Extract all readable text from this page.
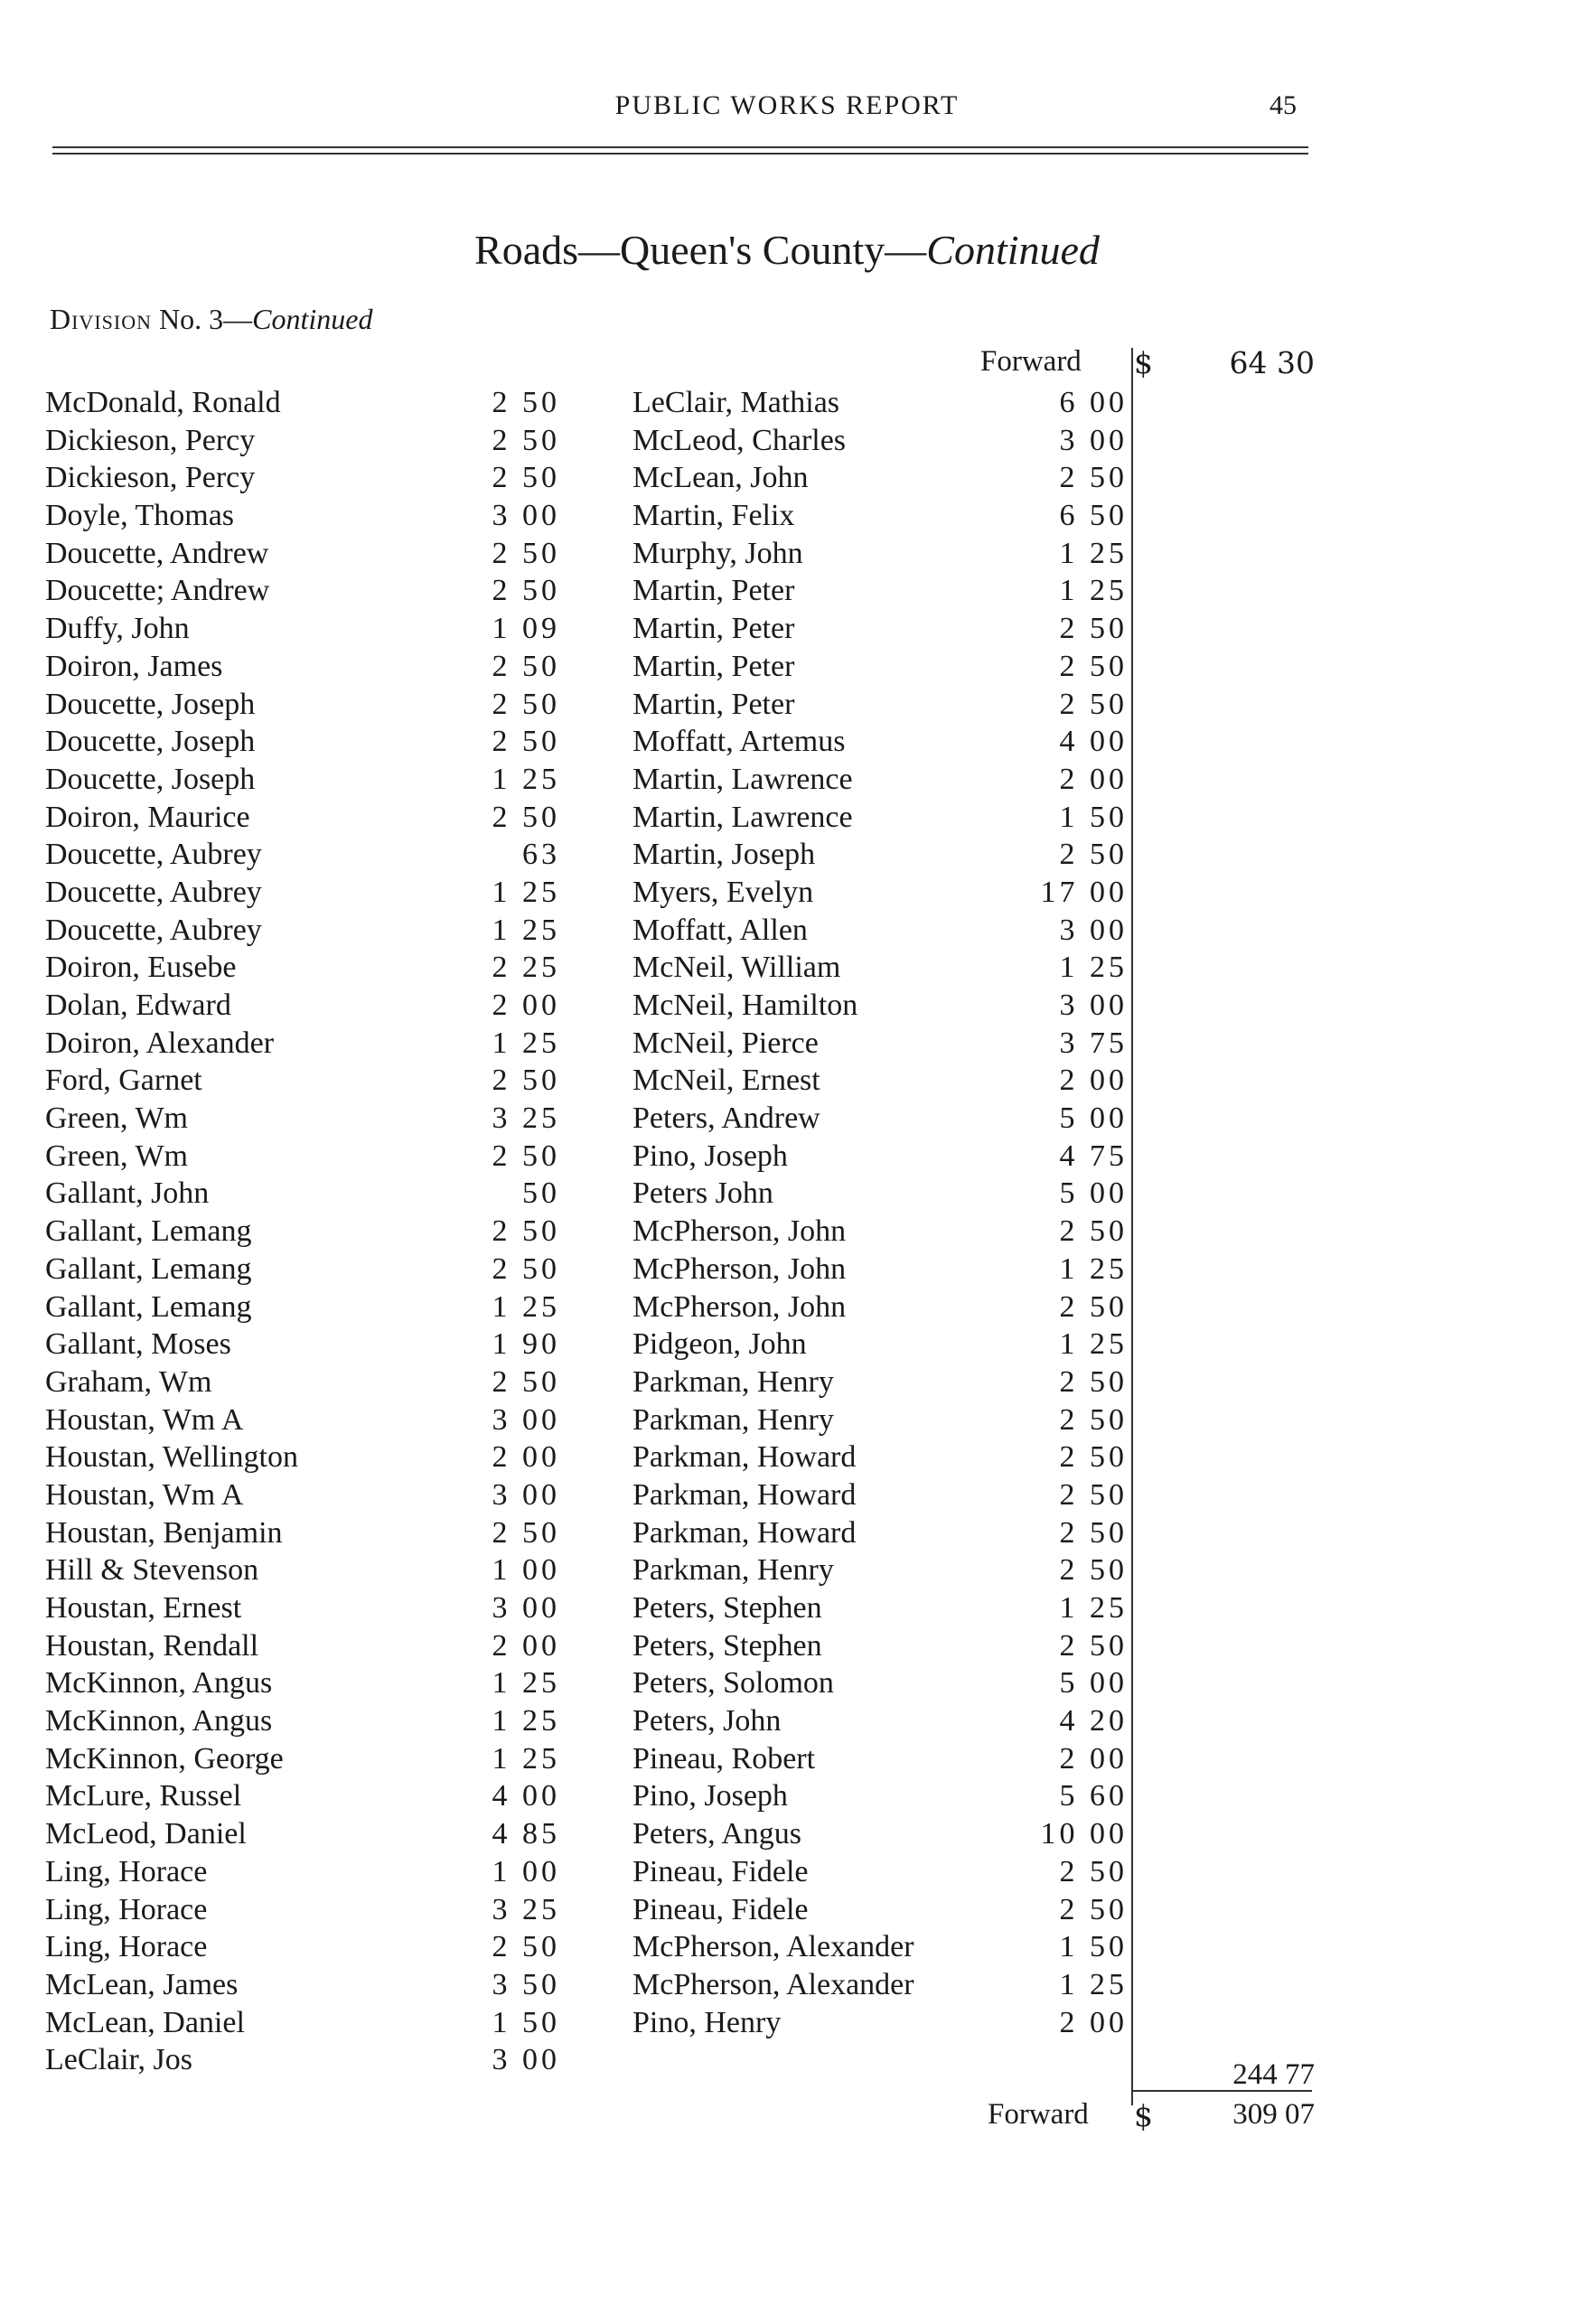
PUBLIC WORKS REPORT	45
Roads—Queen's County—Continued
Division No. 3—Continued
Forward $	64 30
McDonald, Ronald	2 50
Dickieson, Percy	2 50
Dickieson, Percy	2 50
Doyle, Thomas	3 00
Doucette, Andrew	2 50
Doucette; Andrew	2 50
Duffy, John	1 09
Doiron, James	2 50
Doucette, Joseph	2 50
Doucette, Joseph	2 50
Doucette, Joseph	1 25
Doiron, Maurice	2 50
Doucette, Aubrey	63
Doucette, Aubrey	1 25
Doucette, Aubrey	1 25
Doiron, Eusebe	2 25
Dolan, Edward	2 00
Doiron, Alexander	1 25
Ford, Garnet	2 50
Green, Wm	3 25
Green, Wm	2 50
Gallant, John	50
Gallant, Lemang	2 50
Gallant, Lemang	2 50
Gallant, Lemang	1 25
Gallant, Moses	1 90
Graham, Wm	2 50
Houstan, Wm A	3 00
Houstan, Wellington	2 00
Houstan, Wm A	3 00
Houstan, Benjamin	2 50
Hill & Stevenson	1 00
Houstan, Ernest	3 00
Houstan, Rendall	2 00
McKinnon, Angus	1 25
McKinnon, Angus	1 25
McKinnon, George	1 25
McLure, Russel	4 00
McLeod, Daniel	4 85
Ling, Horace	1 00
Ling, Horace	3 25
Ling, Horace	2 50
McLean, James	3 50
McLean, Daniel	1 50
LeClair, Jos	3 00
LeClair, Mathias	6 00
McLeod, Charles	3 00
McLean, John	2 50
Martin, Felix	6 50
Murphy, John	1 25
Martin, Peter	1 25
Martin, Peter	2 50
Martin, Peter	2 50
Martin, Peter	2 50
Moffatt, Artemus	4 00
Martin, Lawrence	2 00
Martin, Lawrence	1 50
Martin, Joseph	2 50
Myers, Evelyn	17 00
Moffatt, Allen	3 00
McNeil, William	1 25
McNeil, Hamilton	3 00
McNeil, Pierce	3 75
McNeil, Ernest	2 00
Peters, Andrew	5 00
Pino, Joseph	4 75
Peters John	5 00
McPherson, John	2 50
McPherson, John	1 25
McPherson, John	2 50
Pidgeon, John	1 25
Parkman, Henry	2 50
Parkman, Henry	2 50
Parkman, Howard	2 50
Parkman, Howard	2 50
Parkman, Howard	2 50
Parkman, Henry	2 50
Peters, Stephen	1 25
Peters, Stephen	2 50
Peters, Solomon	5 00
Peters, John	4 20
Pineau, Robert	2 00
Pino, Joseph	5 60
Peters, Angus	10 00
Pineau, Fidele	2 50
Pineau, Fidele	2 50
McPherson, Alexander	1 50
McPherson, Alexander	1 25
Pino, Henry	2 00
244 77
Forward $	309 07
